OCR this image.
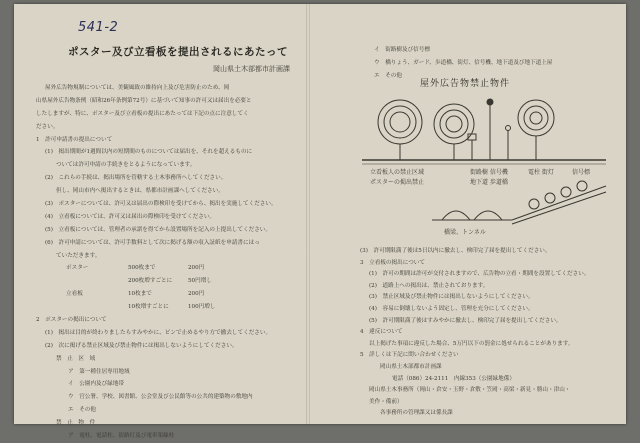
541-2
ポスター及び立看板を提出されるにあたって
岡山県土木部都市計画課
屋外広告物規制については、美観風致の維持向上及び危害防止のため、岡
山県屋外広告物条例（昭和26年条例第72号）に基づいて知事の許可又は届出を必要と
したしますが、特に、ポスター及び立看板の提出にあたっては下記の点に注意してく
ださい。
1　許可申請書の提出について
(1)　掲出期間が1週間以内の短期間のものについては届出を、それを超えるものに
ついては許可申請の手続きをとるようになっています。
(2)　これらの手続は、掲出場所を管轄する土木事務所へしてください。
但し、岡山市内へ掲出するときは、県都市計画課へしてください。
(3)　ポスターについては、許可又は届出の際検印を受けてから、掲出を実施してください。
(4)　立看板については、許可又は届出の際検印を受けてください。
(5)　立看板については、管理者の承諾を得てから設置場所を記入の上提出してください。
(6)　許可申請については、許可手数料として次に掲げる額の収入証紙を申請書にはっ
ていただきます。
ポスター	500枚まで	200円
200枚増すごとに	50円増し
立看板	10枚まで	200円
10枚増すごとに	100円増し
2　ポスターの掲出について
(1)　掲出は目的が終わりましたらすみやかに、ピンで止めるやり方で撤去してください。
(2)　次に掲げる禁止区域及び禁止物件には掲出しないようにしてください。
禁　止　区　域
ア　第一種住居専用地域
イ　公園内及び緑地帯
ウ　官公署、学校、図書館、公会堂及び公民館等の公共的建築物の敷地内
エ　その他
禁　止　物　件
ア　電柱、電話柱、街路灯及び電車架線柱
イ　街路樹及び信号標
ウ　橋りょう、ガード、歩道橋、街灯、信号機、地下道及び地下道上屋
エ　その他
屋外広告物禁止物件
立看板人の禁止区域
ポスターの掲出禁止
街路樹 信号機
地下道 歩道橋
電柱 街灯	信号標
橋梁、トンネル
(3)　許可期限満了後は5日以内に撤去し、検印完了届を提出してください。
3　立看板の掲出について
(1)　許可の期間は許可が交付されますので、広告物の立看・期間を設置してください。
(2)　道路上への掲出は、禁止されております。
(3)　禁止区域及び禁止物件には掲出しないようにしてください。
(4)　容易に倒壊しないよう固定し、管理を充分にしてください。
(5)　許可期限満了後はすみやかに撤去し、検印完了届を提出してください。
4　違反について
以上掲げた事項に違反した場合、5万円以下の罰金に処せられることがあります。
5　詳しくは下記に問い合わせください
岡山県土木部都市計画課
電話（086）24-2111　内線353（公園緑地係）
岡山県土木事務所（岡山・倉安・玉野・倉敷・笠岡・高梁・新見・勝山・津山・
美作・備前）
各事務所の管理課又は係長課
